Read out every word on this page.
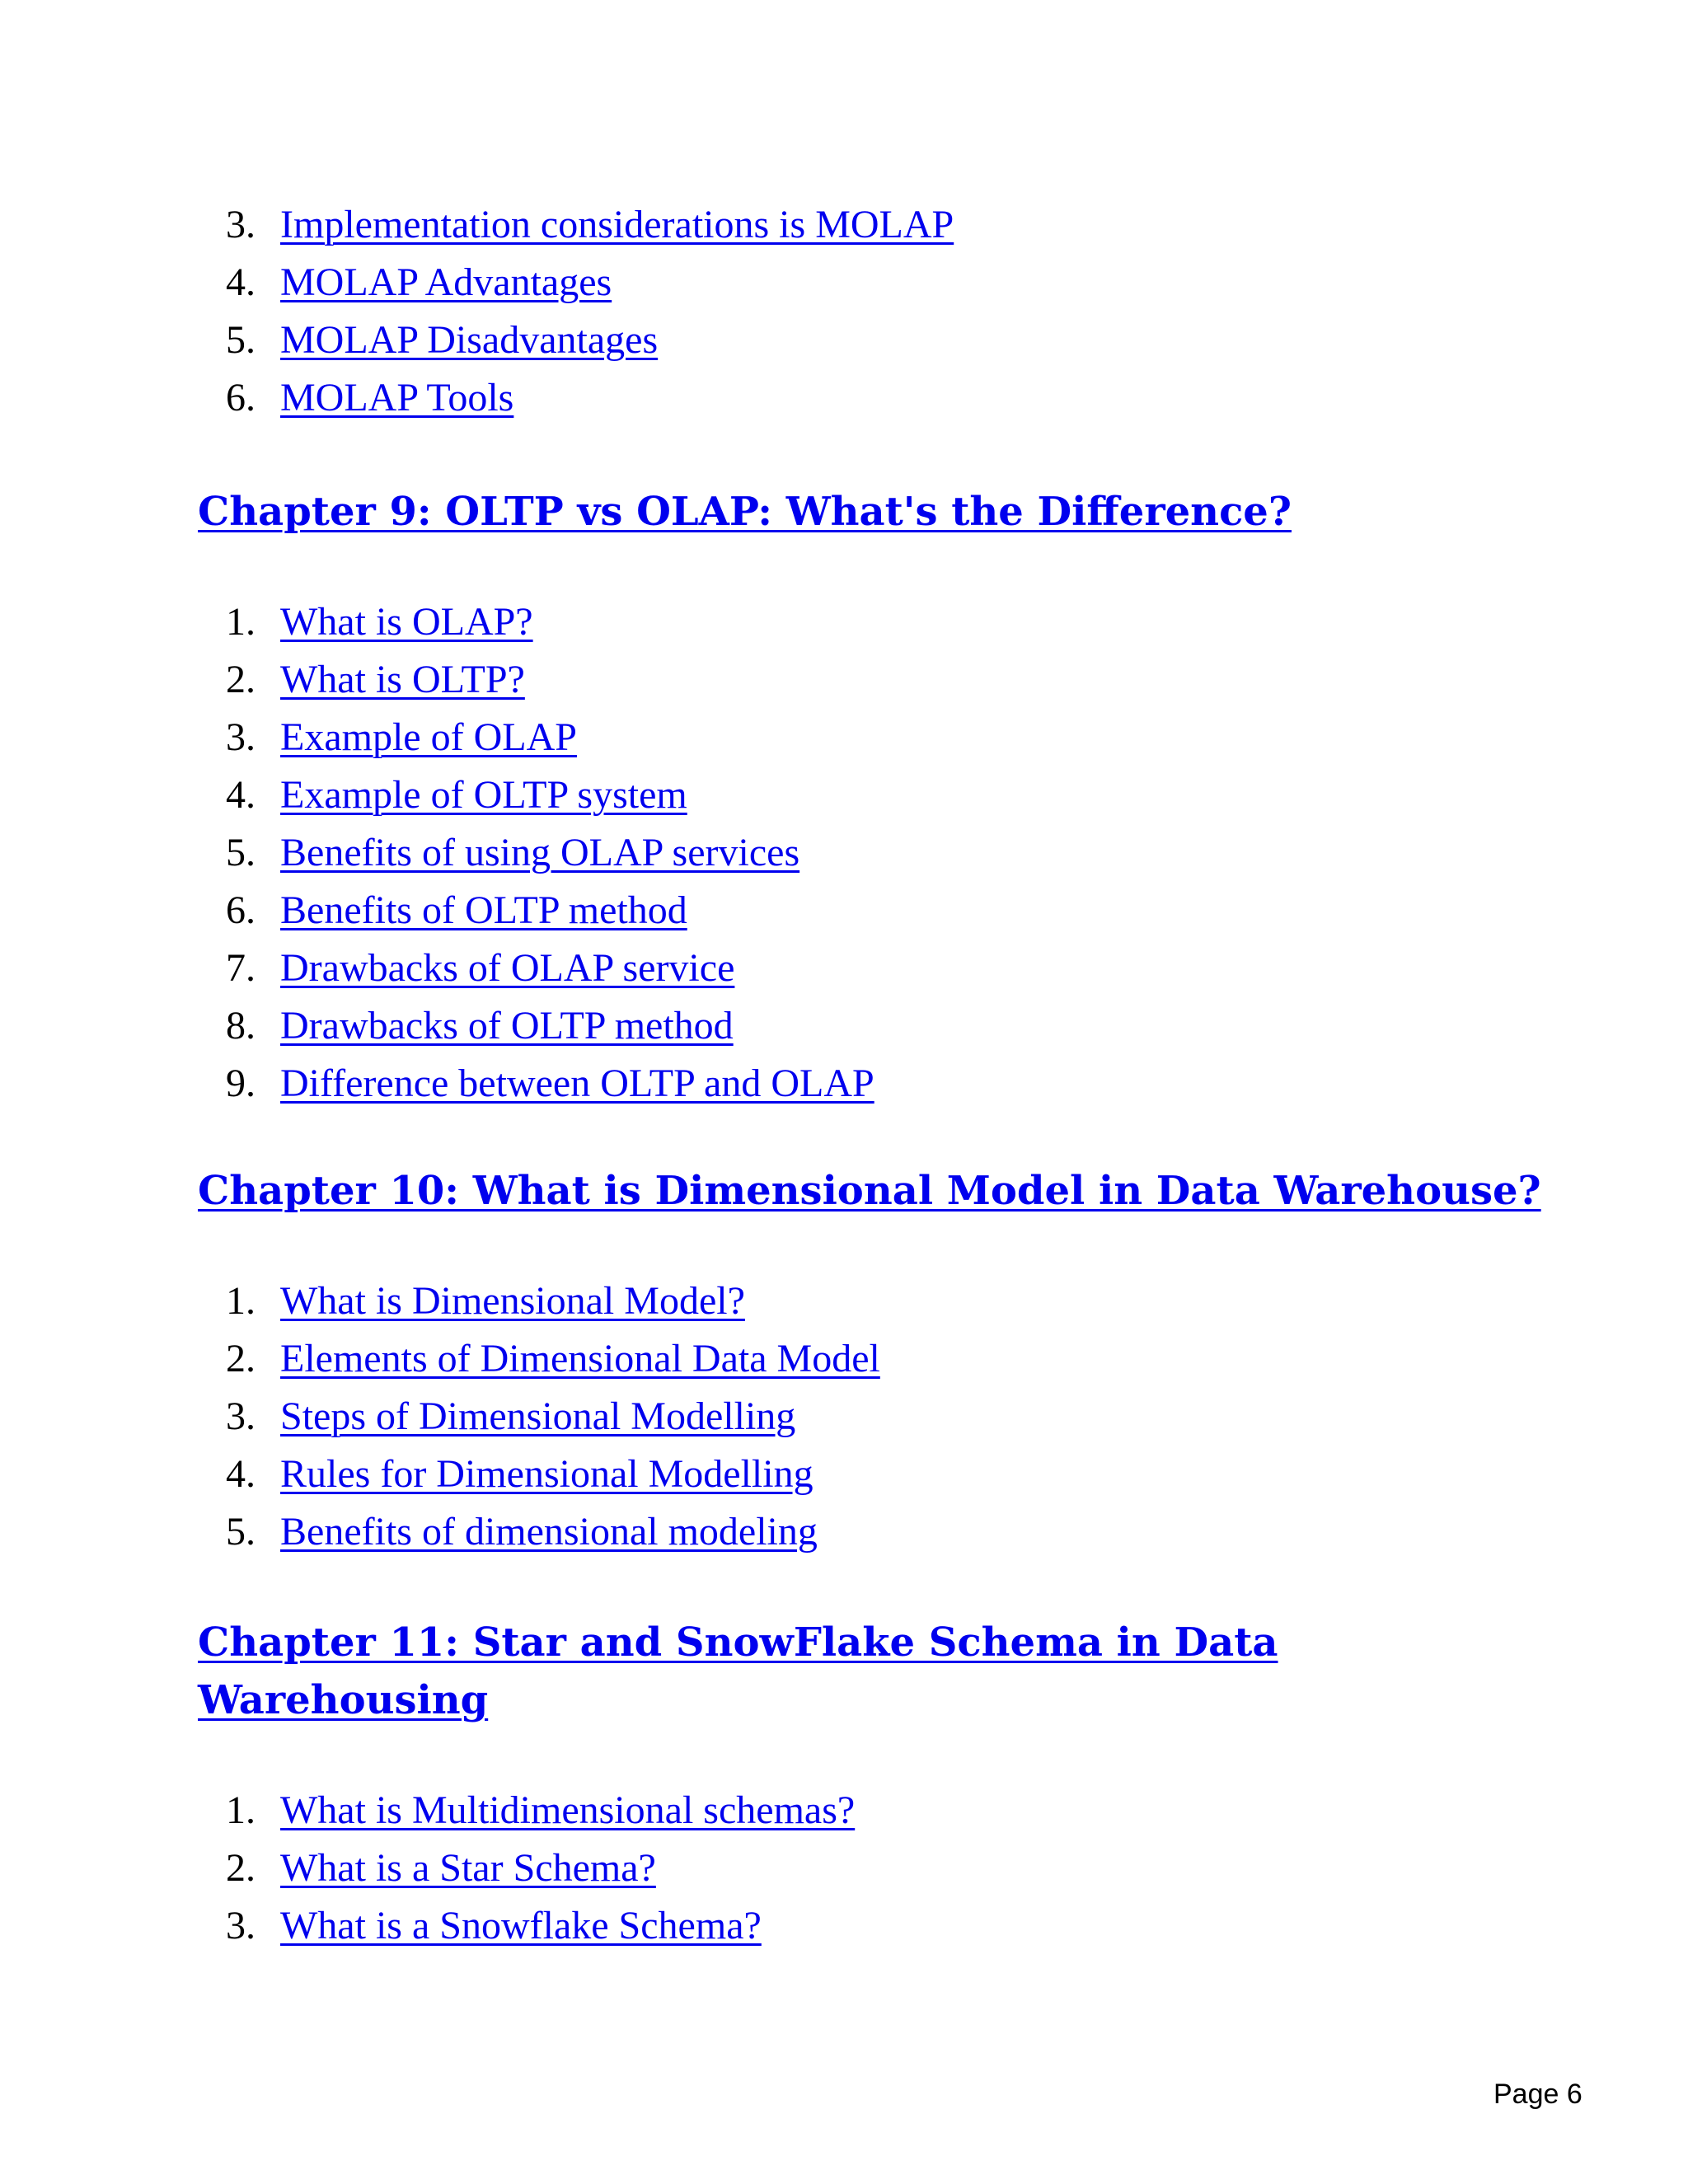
3. Implementation considerations is MOLAP
4. MOLAP Advantages
5. MOLAP Disadvantages
6. MOLAP Tools
Chapter 9: OLTP vs OLAP: What's the Difference?
1. What is OLAP?
2. What is OLTP?
3. Example of OLAP
4. Example of OLTP system
5. Benefits of using OLAP services
6. Benefits of OLTP method
7. Drawbacks of OLAP service
8. Drawbacks of OLTP method
9. Difference between OLTP and OLAP
Chapter 10: What is Dimensional Model in Data Warehouse?
1. What is Dimensional Model?
2. Elements of Dimensional Data Model
3. Steps of Dimensional Modelling
4. Rules for Dimensional Modelling
5. Benefits of dimensional modeling
Chapter 11: Star and SnowFlake Schema in Data
Warehousing
1. What is Multidimensional schemas?
2. What is a Star Schema?
3. What is a Snowflake Schema?
Page 6
